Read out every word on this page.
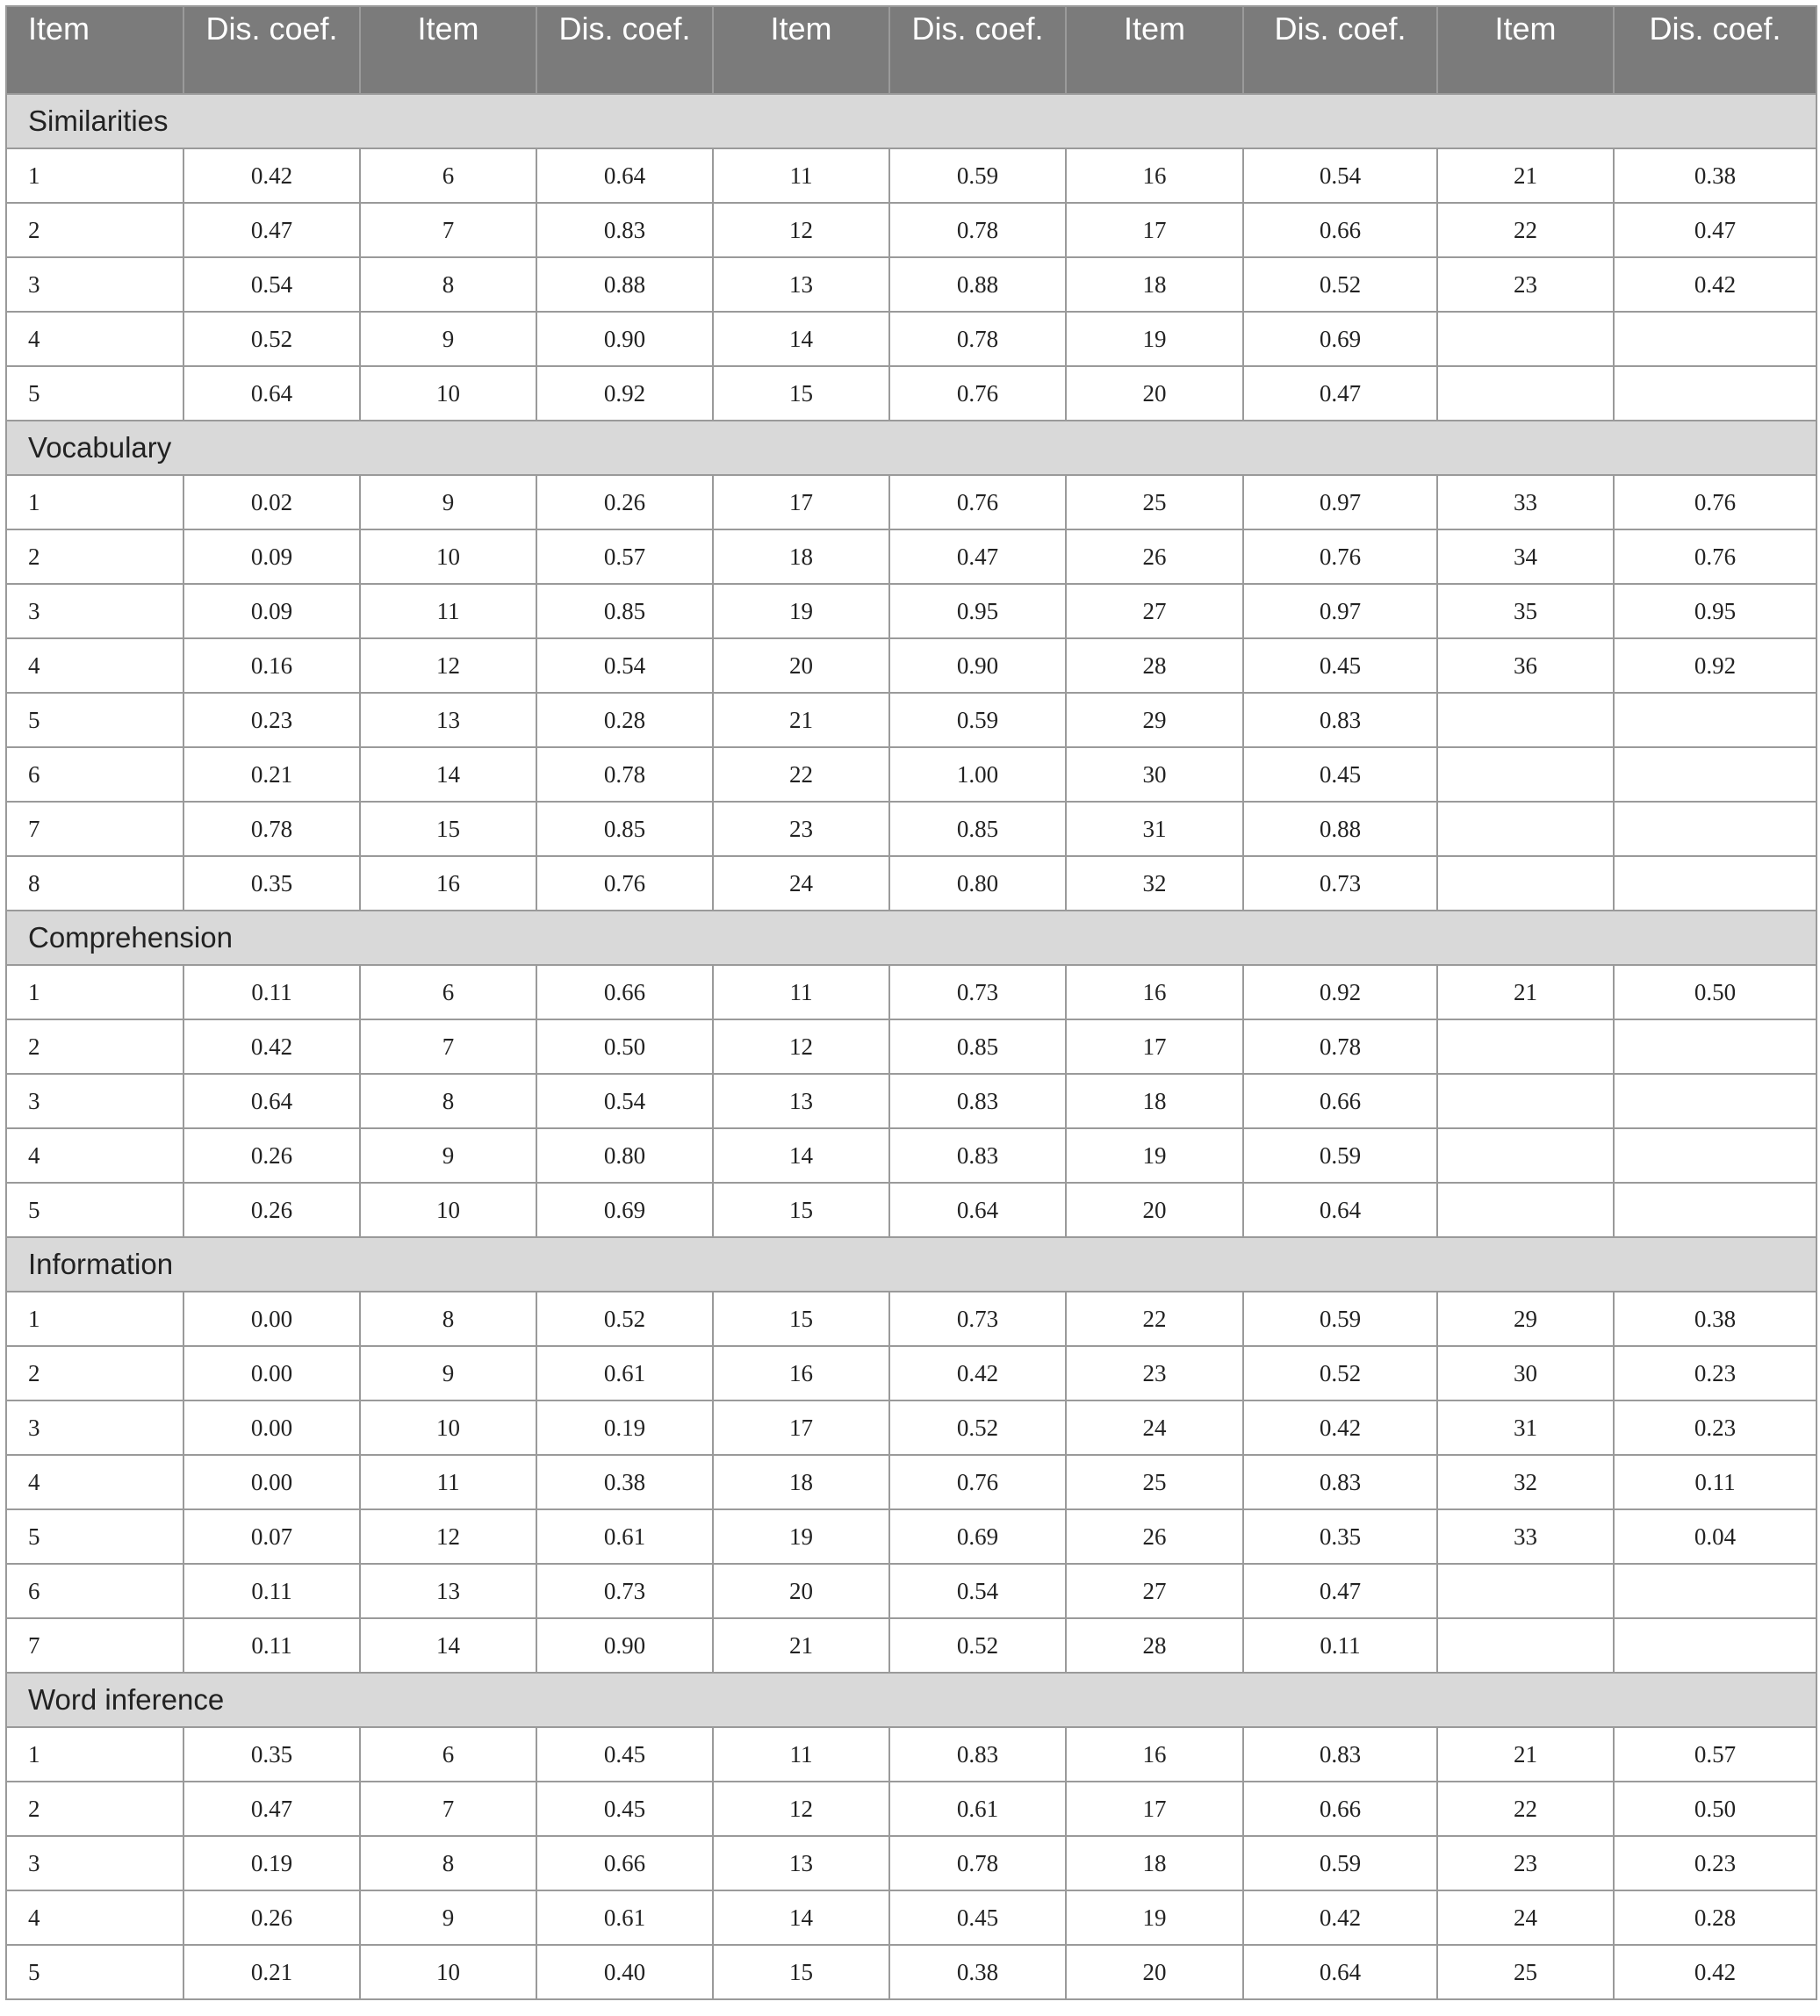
Item	Dis. coef.	Item	Dis. coef.	Item	Dis. coef.	Item	Dis. coef.	Item	Dis. coef.
Similarities									
1	0.42	6	0.64	11	0.59	16	0.54	21	0.38
2	0.47	7	0.83	12	0.78	17	0.66	22	0.47
3	0.54	8	0.88	13	0.88	18	0.52	23	0.42
4	0.52	9	0.90	14	0.78	19	0.69		
5	0.64	10	0.92	15	0.76	20	0.47		
Vocabulary									
1	0.02	9	0.26	17	0.76	25	0.97	33	0.76
2	0.09	10	0.57	18	0.47	26	0.76	34	0.76
3	0.09	11	0.85	19	0.95	27	0.97	35	0.95
4	0.16	12	0.54	20	0.90	28	0.45	36	0.92
5	0.23	13	0.28	21	0.59	29	0.83		
6	0.21	14	0.78	22	1.00	30	0.45		
7	0.78	15	0.85	23	0.85	31	0.88		
8	0.35	16	0.76	24	0.80	32	0.73		
Comprehension									
1	0.11	6	0.66	11	0.73	16	0.92	21	0.50
2	0.42	7	0.50	12	0.85	17	0.78		
3	0.64	8	0.54	13	0.83	18	0.66		
4	0.26	9	0.80	14	0.83	19	0.59		
5	0.26	10	0.69	15	0.64	20	0.64		
Information									
1	0.00	8	0.52	15	0.73	22	0.59	29	0.38
2	0.00	9	0.61	16	0.42	23	0.52	30	0.23
3	0.00	10	0.19	17	0.52	24	0.42	31	0.23
4	0.00	11	0.38	18	0.76	25	0.83	32	0.11
5	0.07	12	0.61	19	0.69	26	0.35	33	0.04
6	0.11	13	0.73	20	0.54	27	0.47		
7	0.11	14	0.90	21	0.52	28	0.11		
Word inference									
1	0.35	6	0.45	11	0.83	16	0.83	21	0.57
2	0.47	7	0.45	12	0.61	17	0.66	22	0.50
3	0.19	8	0.66	13	0.78	18	0.59	23	0.23
4	0.26	9	0.61	14	0.45	19	0.42	24	0.28
5	0.21	10	0.40	15	0.38	20	0.64	25	0.42
